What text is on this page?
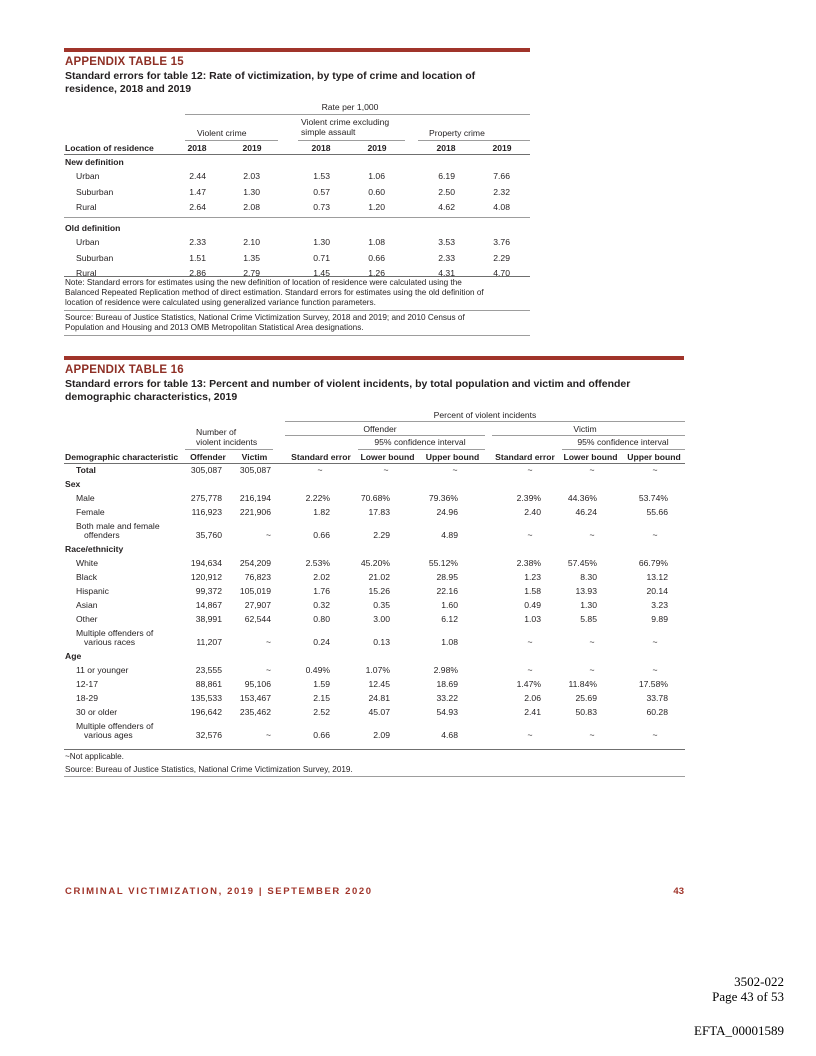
APPENDIX TABLE 15
Standard errors for table 12: Rate of victimization, by type of crime and location of
residence, 2018 and 2019
Rate per 1,000
Violent crime
Violent crime excluding
simple assault	Property crime
Location of residence	2018	2019	2018	2019	2018	2019
New definition
Urban	2.44	2.03	1.53	1.06	6.19	7.66
Suburban	1.47	1.30	0.57	0.60	2.50	2.32
Rural	2.64	2.08	0.73	1.20	4.62	4.08
Old definition
Urban	2.33	2.10	1.30	1.08	3.53	3.76
Suburban	1.51	1.35	0.71	0.66	2.33	2.29
Rural	2.86	2.79	1.45	1.26	4.31	4.70
Note: Standard errors for estimates using the new definition of location of residence were calculated using the
Balanced Repeated Replication method of direct estimation. Standard errors for estimates using the old definition of
location of residence were calculated using generalized variance function parameters.
Source: Bureau of Justice Statistics, National Crime Victimization Survey, 2018 and 2019; and 2010 Census of
Population and Housing and 2013 OMB Metropolitan Statistical Area designations.
APPENDIX TABLE 16
Standard errors for table 13: Percent and number of violent incidents, by total population and victim and offender
demographic characteristics, 2019
Percent of violent incidents
Number of
violent incidents
Offender	Victim
95% confidence interval	95% confidence interval
Demographic characteristic	Offender	Victim	Standard error	Lower bound	Upper bound	Standard error	Lower bound	Upper bound
Total	305,087	305,087	~	~	~	~	~	~
Sex
Male	275,778	216,194	2.22%	70.68%	79.36%	2.39%	44.36%	53.74%
Female	116,923	221,906	1.82	17.83	24.96	2.40	46.24	55.66
Both male and female
offenders	35,760	~	0.66	2.29	4.89	~	~	~
Race/ethnicity
White	194,634	254,209	2.53%	45.20%	55.12%	2.38%	57.45%	66.79%
Black	120,912	76,823	2.02	21.02	28.95	1.23	8.30	13.12
Hispanic	99,372	105,019	1.76	15.26	22.16	1.58	13.93	20.14
Asian	14,867	27,907	0.32	0.35	1.60	0.49	1.30	3.23
Other	38,991	62,544	0.80	3.00	6.12	1.03	5.85	9.89
Multiple offenders of
various races	11,207	~	0.24	0.13	1.08	~	~	~
Age
11 or younger	23,555	~	0.49%	1.07%	2.98%	~	~	~
12-17	88,861	95,106	1.59	12.45	18.69	1.47%	11.84%	17.58%
18-29	135,533	153,467	2.15	24.81	33.22	2.06	25.69	33.78
30 or older	196,642	235,462	2.52	45.07	54.93	2.41	50.83	60.28
Multiple offenders of
various ages	32,576	~	0.66	2.09	4.68	~	~	~
~Not applicable.
Source: Bureau of Justice Statistics, National Crime Victimization Survey, 2019.
CRIMINAL VICTIMIZATION, 2019 | SEPTEMBER 2020	43
3502-022
Page 43 of 53
EFTA_00001589
